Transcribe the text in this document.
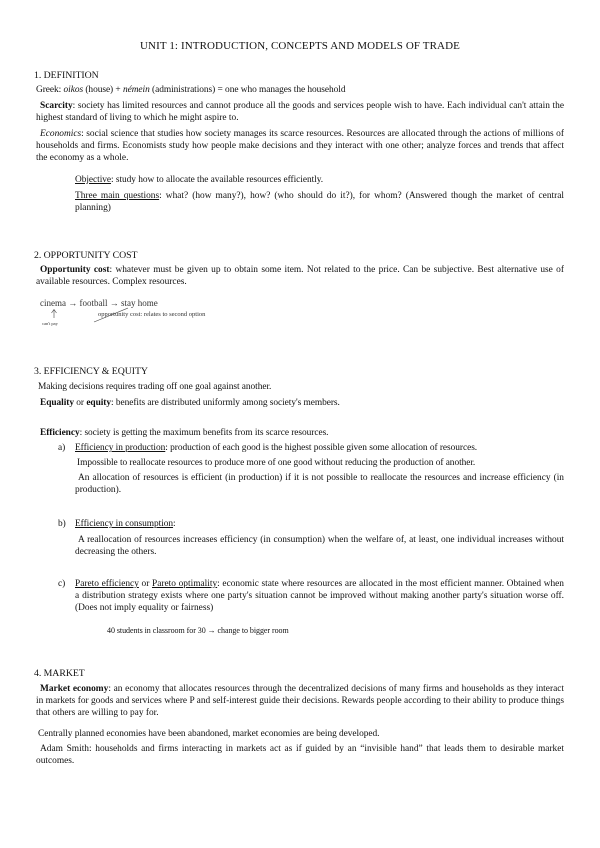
UNIT 1: INTRODUCTION, CONCEPTS AND MODELS OF TRADE
1. DEFINITION
Greek: oikos (house) + némein (administrations) = one who manages the household
Scarcity: society has limited resources and cannot produce all the goods and services people wish to have. Each individual can't attain the highest standard of living to which he might aspire to.
Economics: social science that studies how society manages its scarce resources. Resources are allocated through the actions of millions of households and firms. Economists study how people make decisions and they interact with one other; analyze forces and trends that affect the economy as a whole.
Objective: study how to allocate the available resources efficiently.
Three main questions: what? (how many?), how? (who should do it?), for whom? (Answered though the market of central planning)
2. OPPORTUNITY COST
Opportunity cost: whatever must be given up to obtain some item. Not related to the price. Can be subjective. Best alternative use of available resources. Complex resources.
cinema → football → stay home
opportunity cost: relates to second option
can't pay
3. EFFICIENCY & EQUITY
Making decisions requires trading off one goal against another.
Equality or equity: benefits are distributed uniformly among society's members.
Efficiency: society is getting the maximum benefits from its scarce resources.
a) Efficiency in production: production of each good is the highest possible given some allocation of resources.
Impossible to reallocate resources to produce more of one good without reducing the production of another.
An allocation of resources is efficient (in production) if it is not possible to reallocate the resources and increase efficiency (in production).
b) Efficiency in consumption:
A reallocation of resources increases efficiency (in consumption) when the welfare of, at least, one individual increases without decreasing the others.
c) Pareto efficiency or Pareto optimality: economic state where resources are allocated in the most efficient manner. Obtained when a distribution strategy exists where one party's situation cannot be improved without making another party's situation worse off. (Does not imply equality or fairness)
40 students in classroom for 30 → change to bigger room
4. MARKET
Market economy: an economy that allocates resources through the decentralized decisions of many firms and households as they interact in markets for goods and services where P and self-interest guide their decisions. Rewards people according to their ability to produce things that others are willing to pay for.
Centrally planned economies have been abandoned, market economies are being developed.
Adam Smith: households and firms interacting in markets act as if guided by an “invisible hand” that leads them to desirable market outcomes.
